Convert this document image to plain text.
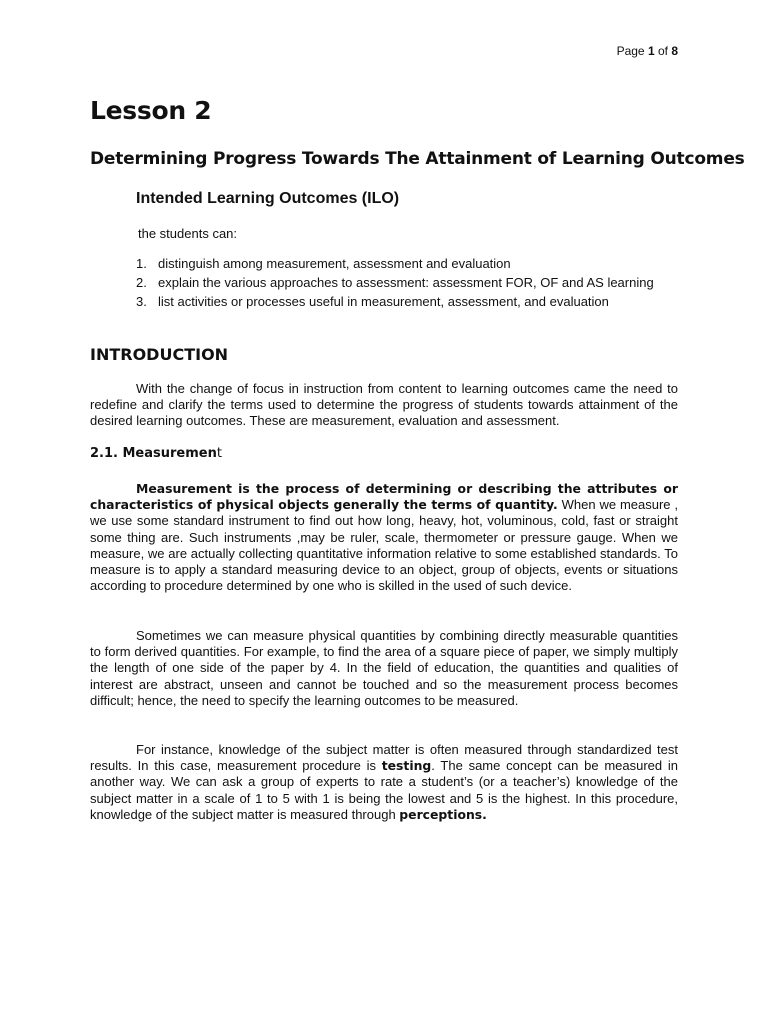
Page 1 of 8
Lesson 2
Determining Progress Towards The Attainment of Learning Outcomes
Intended Learning Outcomes (ILO)
the students can:
1. distinguish among measurement, assessment and evaluation
2. explain the various approaches to assessment: assessment FOR, OF and AS learning
3. list activities or processes useful in measurement, assessment, and evaluation
INTRODUCTION

With the change of focus in instruction from content to learning outcomes came the need to redefine and clarify the terms used to determine the progress of students towards attainment of the desired learning outcomes. These are measurement, evaluation and assessment.

2.1. Measurement

Measurement is the process of determining or describing the attributes or characteristics of physical objects generally the terms of quantity. When we measure , we use some standard instrument to find out how long, heavy, hot, voluminous, cold, fast or straight some thing are. Such instruments ,may be ruler, scale, thermometer or pressure gauge. When we measure, we are actually collecting quantitative information relative to some established standards. To measure is to apply a standard measuring device to an object, group of objects, events or situations according to procedure determined by one who is skilled in the used of such device.

Sometimes we can measure physical quantities by combining directly measurable quantities to form derived quantities. For example, to find the area of a square piece of paper, we simply multiply the length of one side of the paper by 4. In the field of education, the quantities and qualities of interest are abstract, unseen and cannot be touched and so the measurement process becomes difficult; hence, the need to specify the learning outcomes to be measured.

For instance, knowledge of the subject matter is often measured through standardized test results. In this case, measurement procedure is testing. The same concept can be measured in another way. We can ask a group of experts to rate a student’s (or a teacher’s) knowledge of the subject matter in a scale of 1 to 5 with 1 is being the lowest and 5 is the highest. In this procedure, knowledge of the subject matter is measured through perceptions.
